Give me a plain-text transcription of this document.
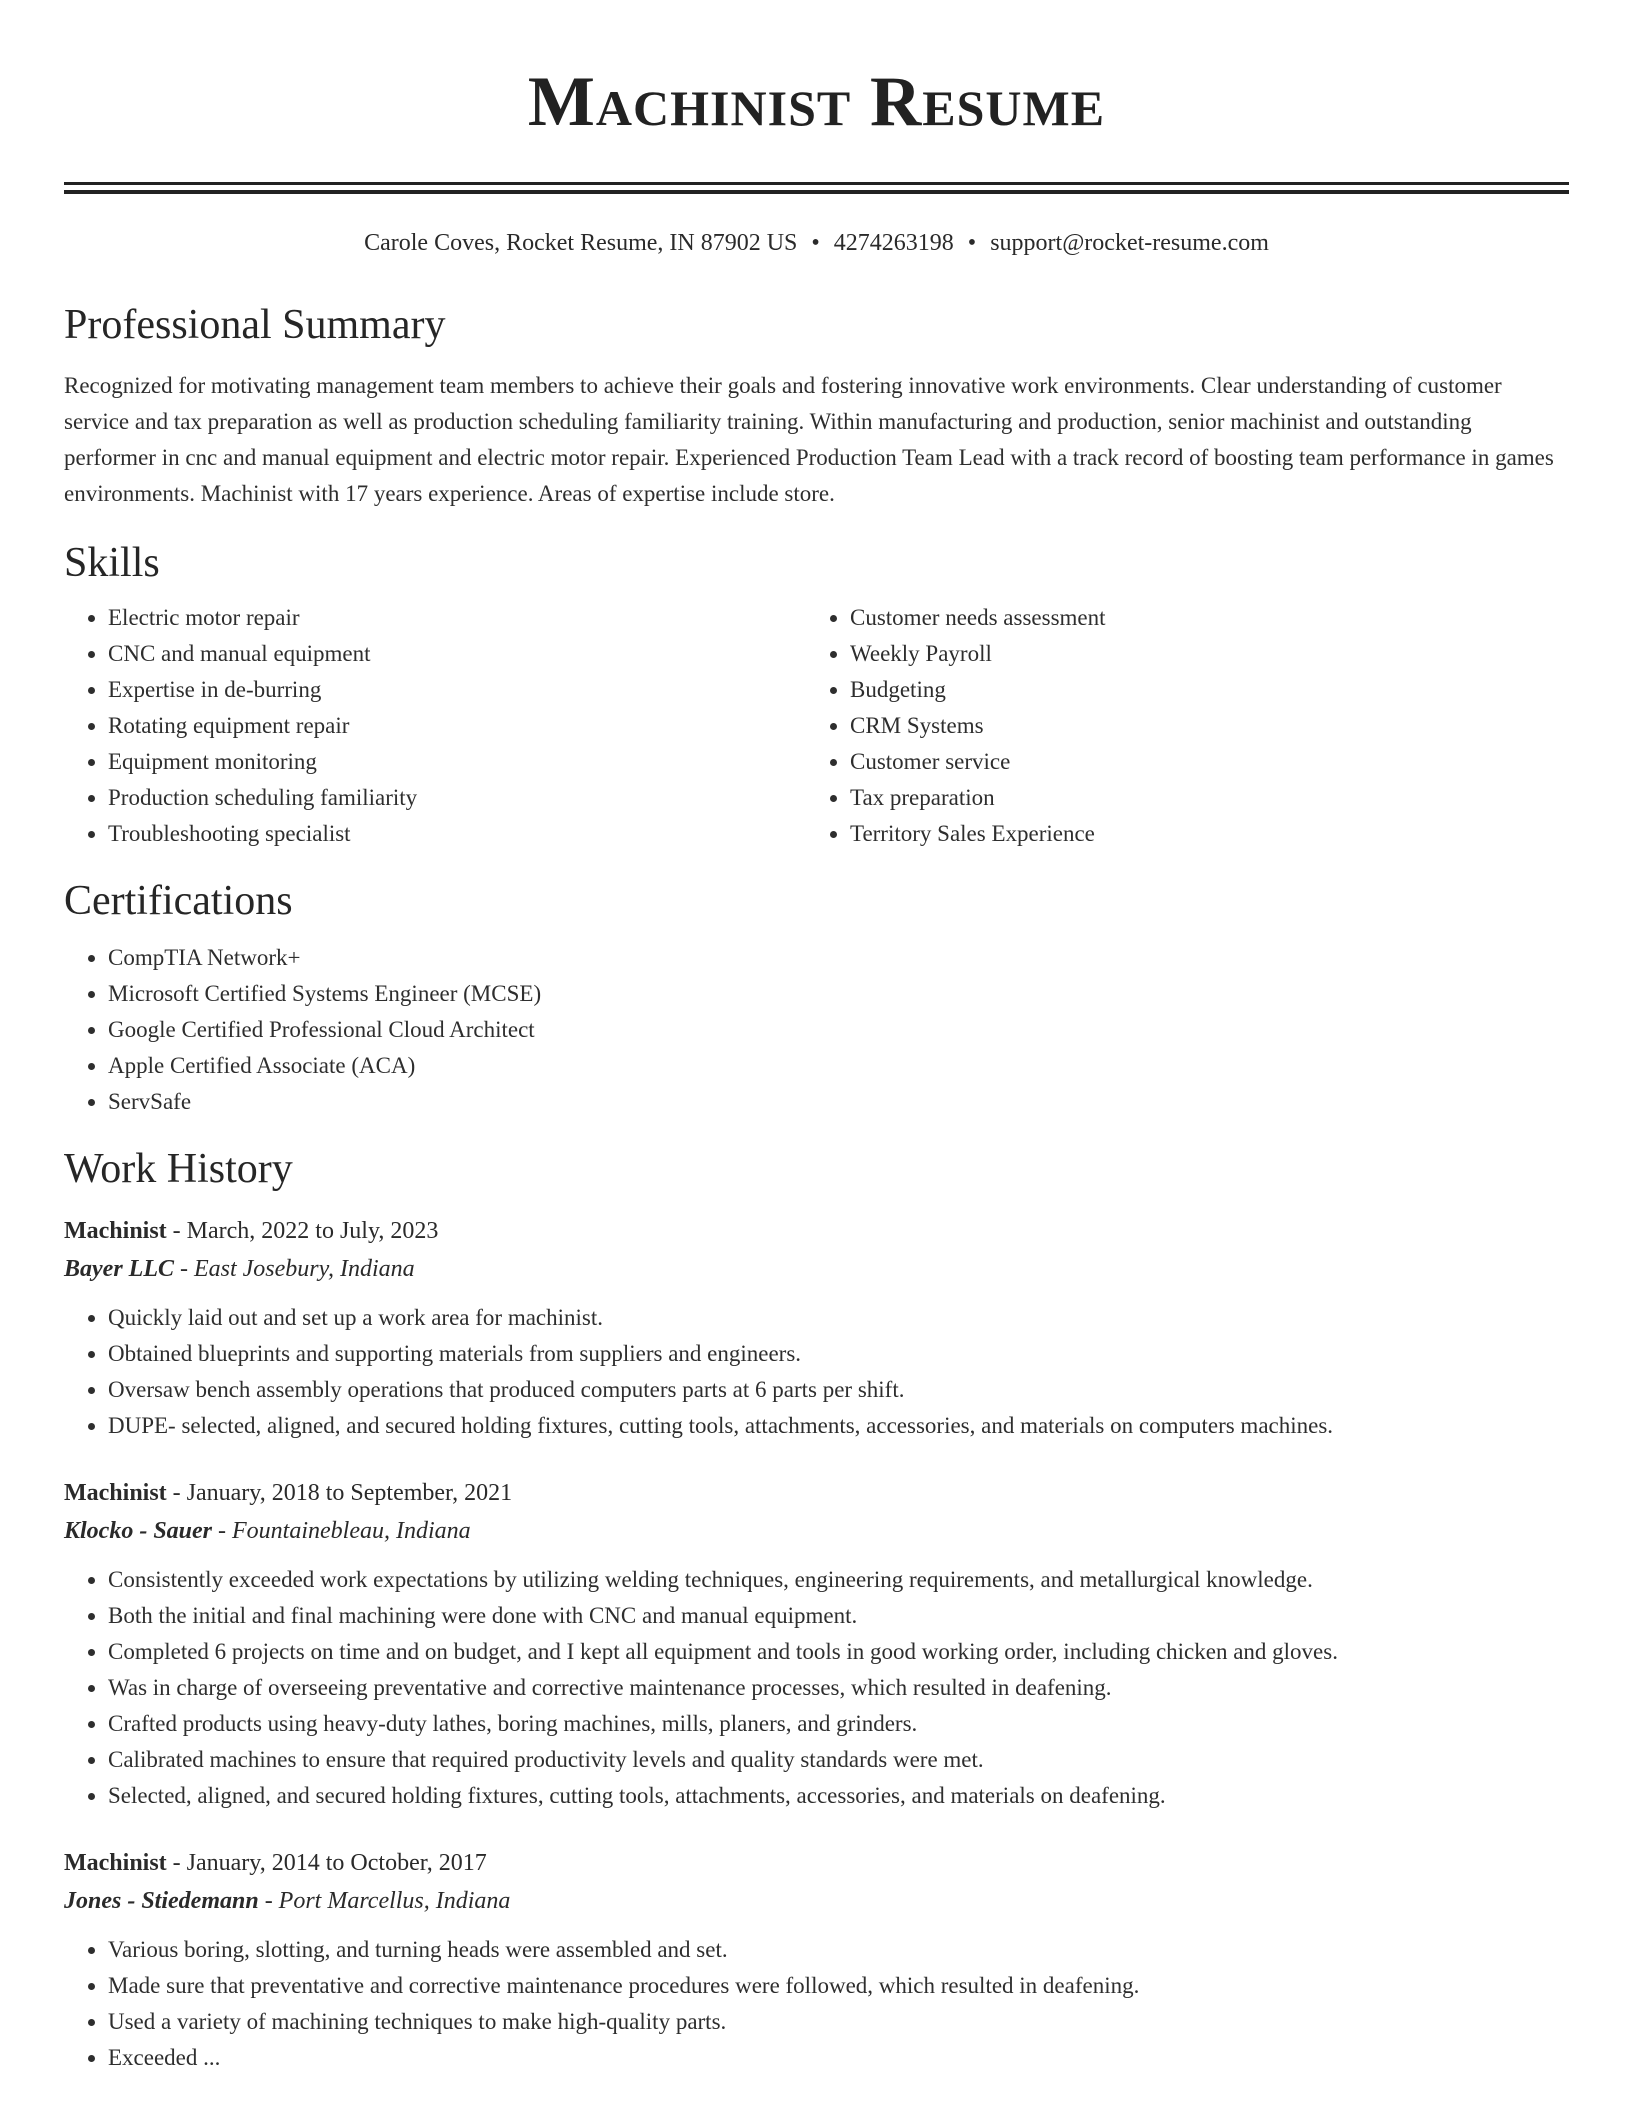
Machinist Resume
Carole Coves, Rocket Resume, IN 87902 US • 4274263198 • support@rocket-resume.com
Professional Summary
Recognized for motivating management team members to achieve their goals and fostering innovative work environments. Clear understanding of customer service and tax preparation as well as production scheduling familiarity training. Within manufacturing and production, senior machinist and outstanding performer in cnc and manual equipment and electric motor repair. Experienced Production Team Lead with a track record of boosting team performance in games environments. Machinist with 17 years experience. Areas of expertise include store.
Skills
• Electric motor repair
• CNC and manual equipment
• Expertise in de-burring
• Rotating equipment repair
• Equipment monitoring
• Production scheduling familiarity
• Troubleshooting specialist
• Customer needs assessment
• Weekly Payroll
• Budgeting
• CRM Systems
• Customer service
• Tax preparation
• Territory Sales Experience
Certifications
• CompTIA Network+
• Microsoft Certified Systems Engineer (MCSE)
• Google Certified Professional Cloud Architect
• Apple Certified Associate (ACA)
• ServSafe
Work History
Machinist - March, 2022 to July, 2023
Bayer LLC - East Josebury, Indiana
• Quickly laid out and set up a work area for machinist.
• Obtained blueprints and supporting materials from suppliers and engineers.
• Oversaw bench assembly operations that produced computers parts at 6 parts per shift.
• DUPE- selected, aligned, and secured holding fixtures, cutting tools, attachments, accessories, and materials on computers machines.
Machinist - January, 2018 to September, 2021
Klocko - Sauer - Fountainebleau, Indiana
• Consistently exceeded work expectations by utilizing welding techniques, engineering requirements, and metallurgical knowledge.
• Both the initial and final machining were done with CNC and manual equipment.
• Completed 6 projects on time and on budget, and I kept all equipment and tools in good working order, including chicken and gloves.
• Was in charge of overseeing preventative and corrective maintenance processes, which resulted in deafening.
• Crafted products using heavy-duty lathes, boring machines, mills, planers, and grinders.
• Calibrated machines to ensure that required productivity levels and quality standards were met.
• Selected, aligned, and secured holding fixtures, cutting tools, attachments, accessories, and materials on deafening.
Machinist - January, 2014 to October, 2017
Jones - Stiedemann - Port Marcellus, Indiana
• Various boring, slotting, and turning heads were assembled and set.
• Made sure that preventative and corrective maintenance procedures were followed, which resulted in deafening.
• Used a variety of machining techniques to make high-quality parts.
• Exceeded ...
